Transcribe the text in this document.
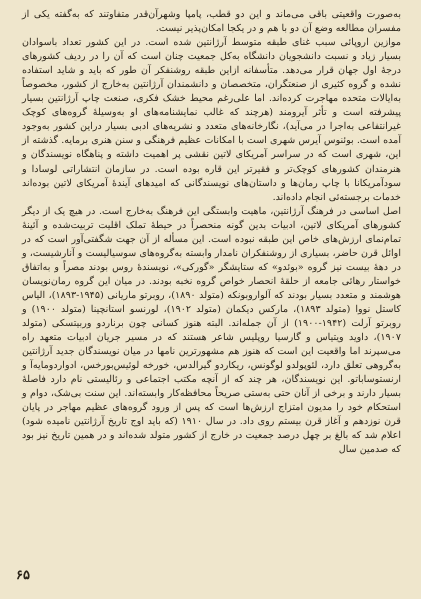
به‌صورت واقعیتی باقی می‌ماند و این دو قطب، پامپا وشهرآن‌قدر متفاوتند که به‌گفته یکی از مفسران مطالعه وضع آن دو با هم و در یکجا امکان‌پذیر نیست.

موازین اروپائی سبب غنای طبقه متوسط آرژانتین شده است. در این کشور تعداد باسوادان بسیار زیاد و نسبت دانشجویان دانشگاه به‌کل جمعیت چنان است که آن را در ردیف کشورهای درجهٔ اول جهان قرار می‌دهد. متأسفانه ازاین طبقه روشنفکر آن طور که باید و شاید استفاده نشده و گروه کثیری از صنعتگران، متخصصان و دانشمندان آرژانتین به‌خارج از کشور، مخصوصاً به‌ایالات متحده مهاجرت کرده‌اند. اما علی‌رغم محیط خشک فکری، صنعت چاپ آرژانتین بسیار پیشرفته است و تأثر آیرومند (هرچند که غالب نمایشنامه‌های او به‌وسیلهٔ گروه‌های کوچک غیرانتفاعی به‌اجرا در می‌آید)، نگارخانه‌های متعدد و نشریه‌های ادبی بسیار دراین کشور به‌وجود آمده است. بوئنوس آیرس شهری است با امکانات عظیم فرهنگی و سنن هنری برمایه. گذشته از این، شهری است که در سراسر آمریکای لاتین نقشی پر اهمیت داشته و پناهگاه نویسندگان و هنرمندان کشورهای کوچک‌تر و فقیرتر این قاره بوده است. در سازمان انتشاراتی لوسادا و سودآمریکانا با چاپ رمان‌ها و داستان‌های نویسندگانی که امیدهای آیندهٔ آمریکای لاتین بوده‌اند خدمات برجسته‌ئی انجام داده‌اند.

اصل اساسی در فرهنگ آرژانتین، ماهیت وابستگی این فرهنگ به‌خارج است. در هیچ یک از دیگر کشورهای آمریکای لاتین، ادبیات بدین گونه منحصراً در حیطهٔ تملک اقلیت تربیت‌شده و آئینهٔ تمام‌نمای ارزش‌های خاص این طبقه نبوده است. این مسأله از آن جهت شگفتی‌آور است که در اوائل قرن حاضر، بسیاری از روشنفکران نامدار وابسته به‌گروه‌های سوسیالیست و آنارشیست، و در دههٔ بیست نیز گروه «بوئدو» که ستایشگر «گورکی»، نویسندهٔ روس بودند مصراً و به‌اتفاق خواستار رهائی جامعه از حلقهٔ انحصار خواص گروه نخبه بودند. در میان این گروه رمان‌نویسان هوشمند و متعدد بسیار بودند که آلواروبونکه (متولد ۱۸۹۰)، روبرتو ماریانی (۱۹۴۵-۱۸۹۳)، الیاس کاستل نووا (متولد ۱۸۹۳)، مارکس دیکمان (متولد ۱۹۰۲)، لورنسو استانچینا (متولد ۱۹۰۰) و روبرتو آرلت (۱۹۴۲-۱۹۰۰) از آن جمله‌اند. البته هنوز کسانی چون برناردو وربیتسکی (متولد ۱۹۰۷)، داوید ویتیاس و گارسیا روپلیس شاعر هستند که در مسیر جریان ادبیات متعهد راه می‌سپرند اما واقعیت این است که هنوز هم مشهورترین نامها در میان نویسندگان جدید آرژانتین به‌گروهی تعلق دارد، لئوپولدو لوگونس، ریکاردو گیرالدس، خورخه لوئیس‌بورخس، ادواردومایه‌آ و ارنستوساباتو. این نویسندگان، هر چند که از آنچه مکتب اجتماعی و رئالیستی نام دارد فاصلهٔ بسیار دارند و برخی از آنان حتی به‌ستی صریحاً محافظه‌کار وابسته‌اند. این سنت بی‌شک، دوام و استحکام خود را مدیون امتزاج ارزش‌ها است که پس از ورود گروه‌های عظیم مهاجر در پایان قرن نوزدهم و آغاز قرن بیستم روی داد. در سال ۱۹۱۰ (که باید اوج تاریخ آرژانتین نامیده شود) اعلام شد که بالغ بر چهل درصد جمعیت در خارج از کشور متولد شده‌اند و در همین تاریخ نیز بود که صدمین سال

۶۵
